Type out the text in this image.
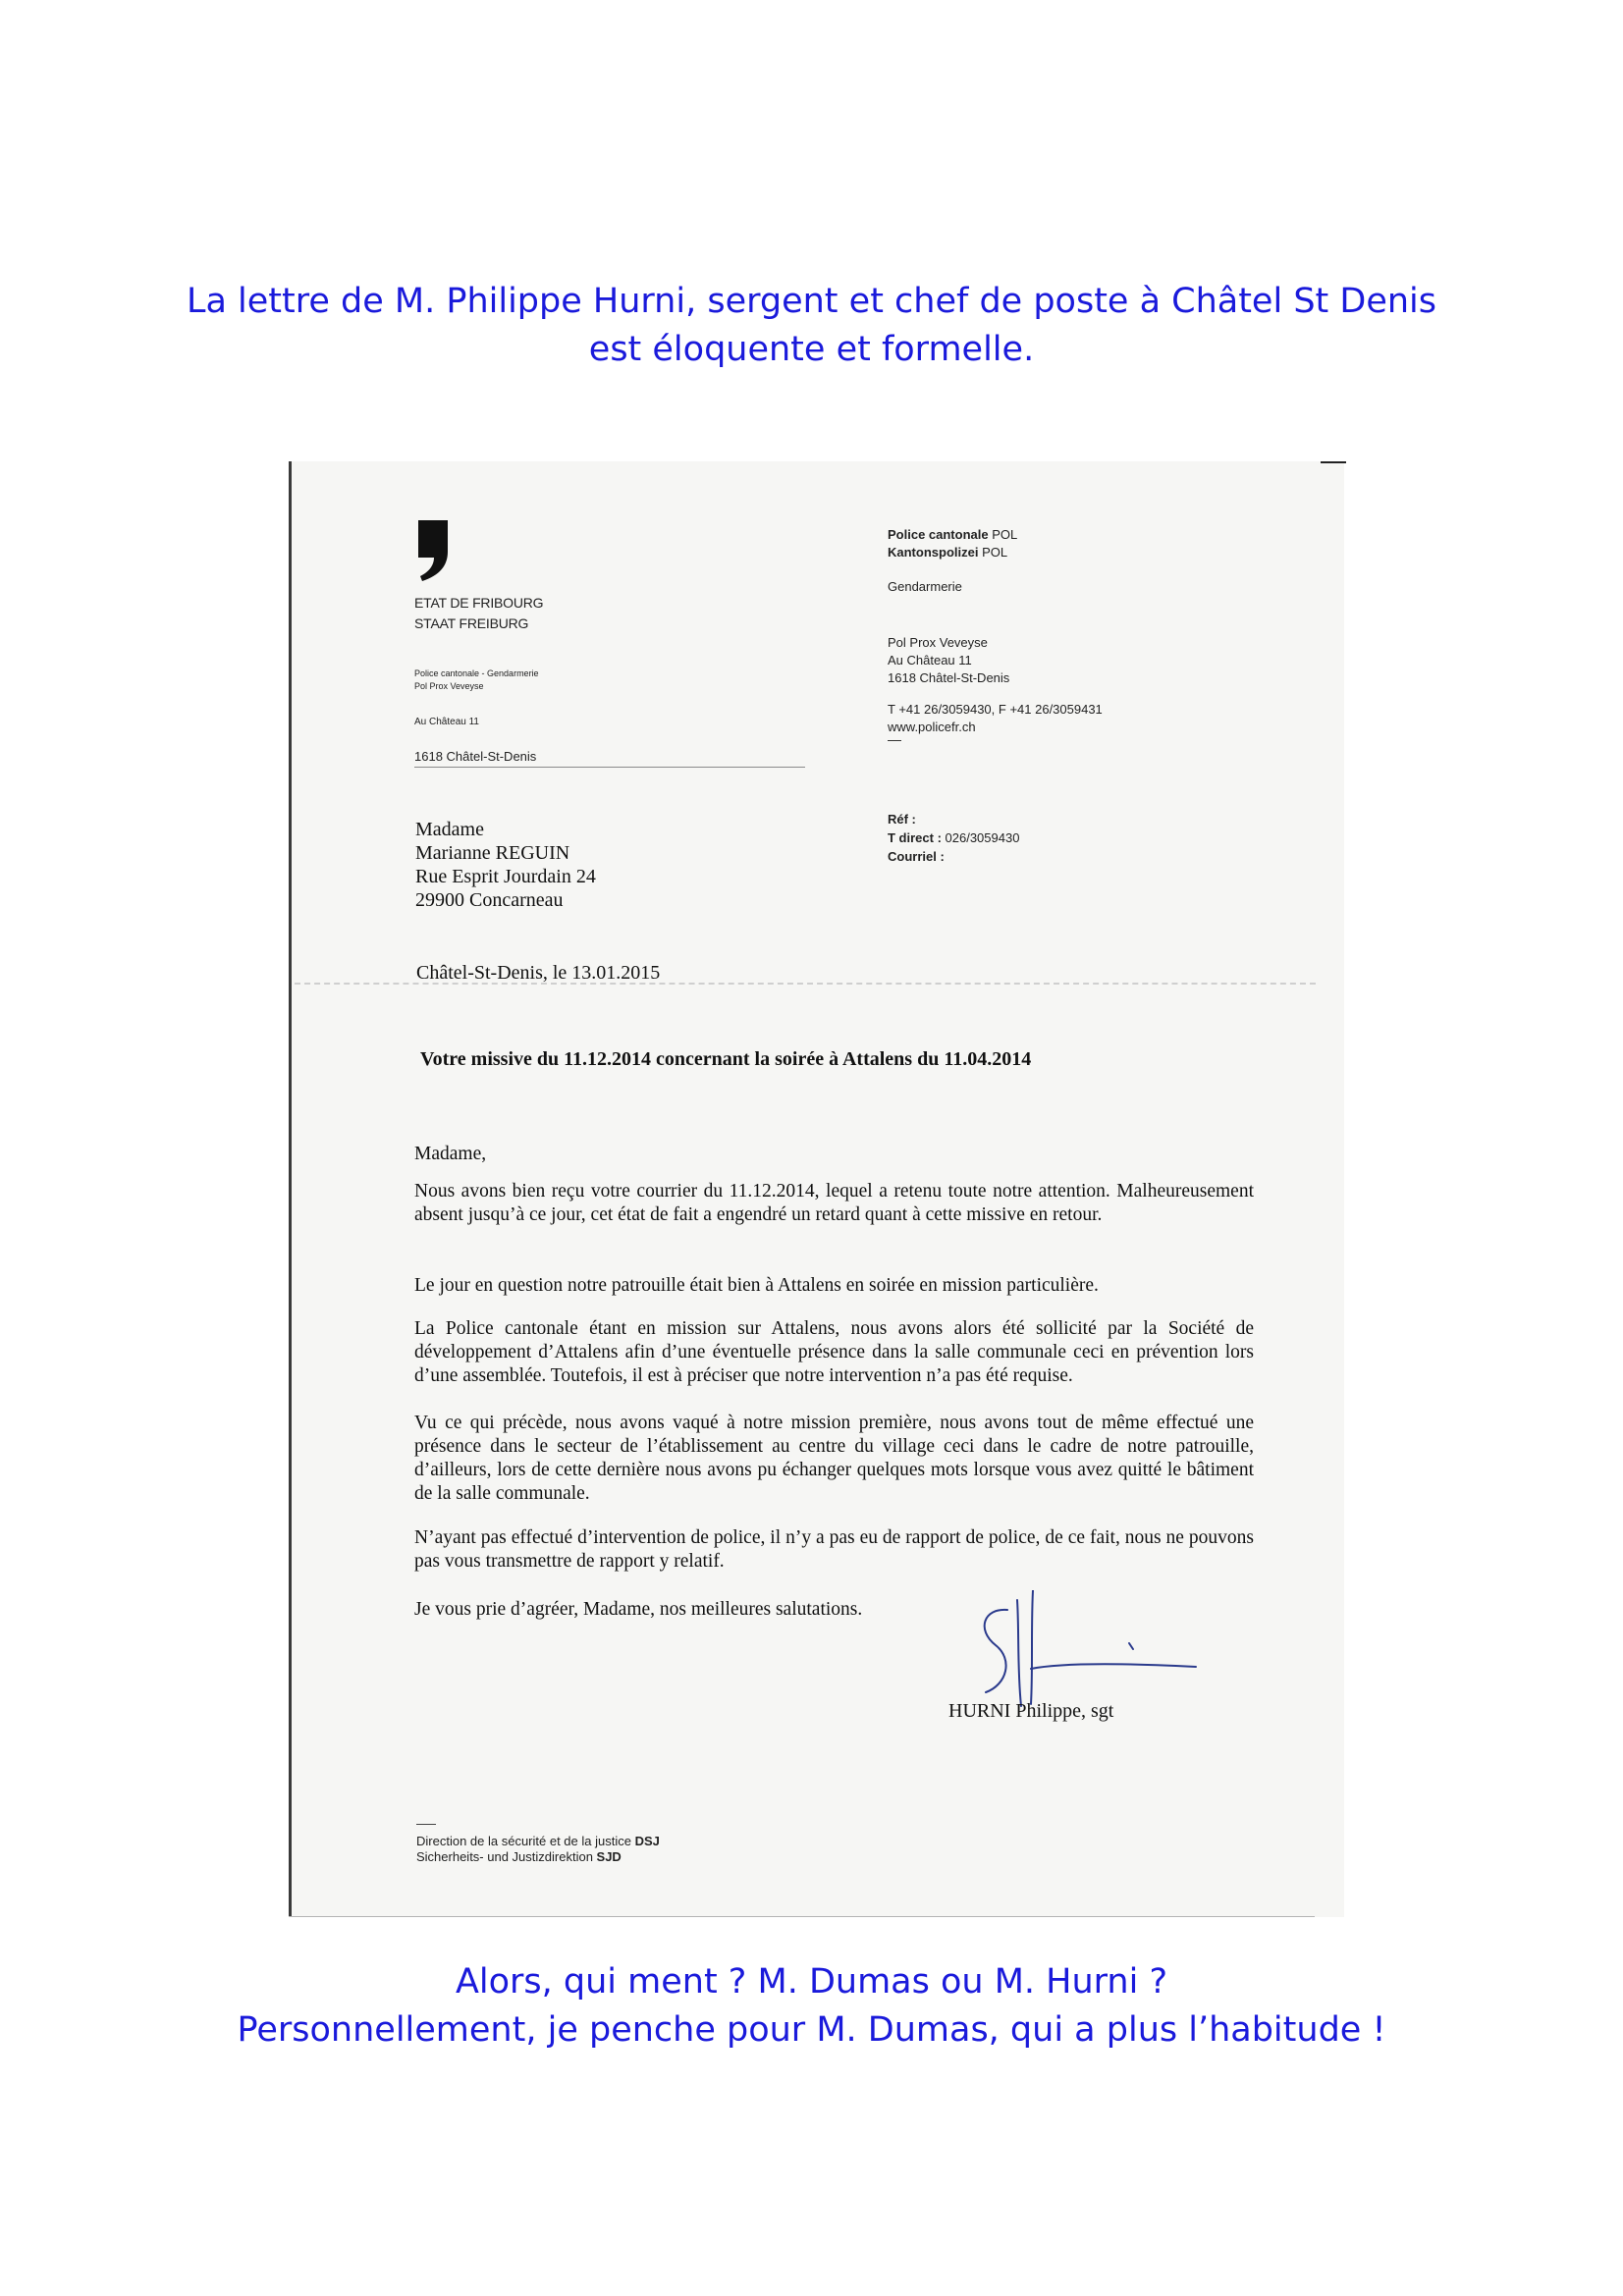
La lettre de M. Philippe Hurni, sergent et chef de poste à Châtel St Denis
est éloquente et formelle.
ETAT DE FRIBOURG
STAAT FREIBURG
Police cantonale - Gendarmerie
Pol Prox Veveyse
Au Château 11
1618 Châtel-St-Denis
Police cantonale POL
Kantonspolizei POL
Gendarmerie
Pol Prox Veveyse
Au Château 11
1618 Châtel-St-Denis
T +41 26/3059430, F +41 26/3059431
www.policefr.ch
Réf :
T direct : 026/3059430
Courriel :
Madame
Marianne REGUIN
Rue Esprit Jourdain 24
29900 Concarneau
Châtel-St-Denis, le 13.01.2015
Votre missive du 11.12.2014 concernant la soirée à Attalens du 11.04.2014
Madame,
Nous avons bien reçu votre courrier du 11.12.2014, lequel a retenu toute notre attention. Malheureusement absent jusqu’à ce jour, cet état de fait a engendré un retard quant à cette missive en retour.
Le jour en question notre patrouille était bien à Attalens en soirée en mission particulière.
La Police cantonale étant en mission sur Attalens, nous avons alors été sollicité par la Société de développement d’Attalens afin d’une éventuelle présence dans la salle communale ceci en prévention lors d’une assemblée. Toutefois, il est à préciser que notre intervention n’a pas été requise.
Vu ce qui précède, nous avons vaqué à notre mission première, nous avons tout de même effectué une présence dans le secteur de l’établissement au centre du village ceci dans le cadre de notre patrouille, d’ailleurs, lors de cette dernière nous avons pu échanger quelques mots lorsque vous avez quitté le bâtiment de la salle communale.
N’ayant pas effectué d’intervention de police, il n’y a pas eu de rapport de police, de ce fait, nous ne pouvons pas vous transmettre de rapport y relatif.
Je vous prie d’agréer, Madame, nos meilleures salutations.
HURNI Philippe, sgt
Direction de la sécurité et de la justice DSJ
Sicherheits- und Justizdirektion SJD
Alors, qui ment ? M. Dumas ou M. Hurni ?
Personnellement, je penche pour M. Dumas, qui a plus l’habitude !
